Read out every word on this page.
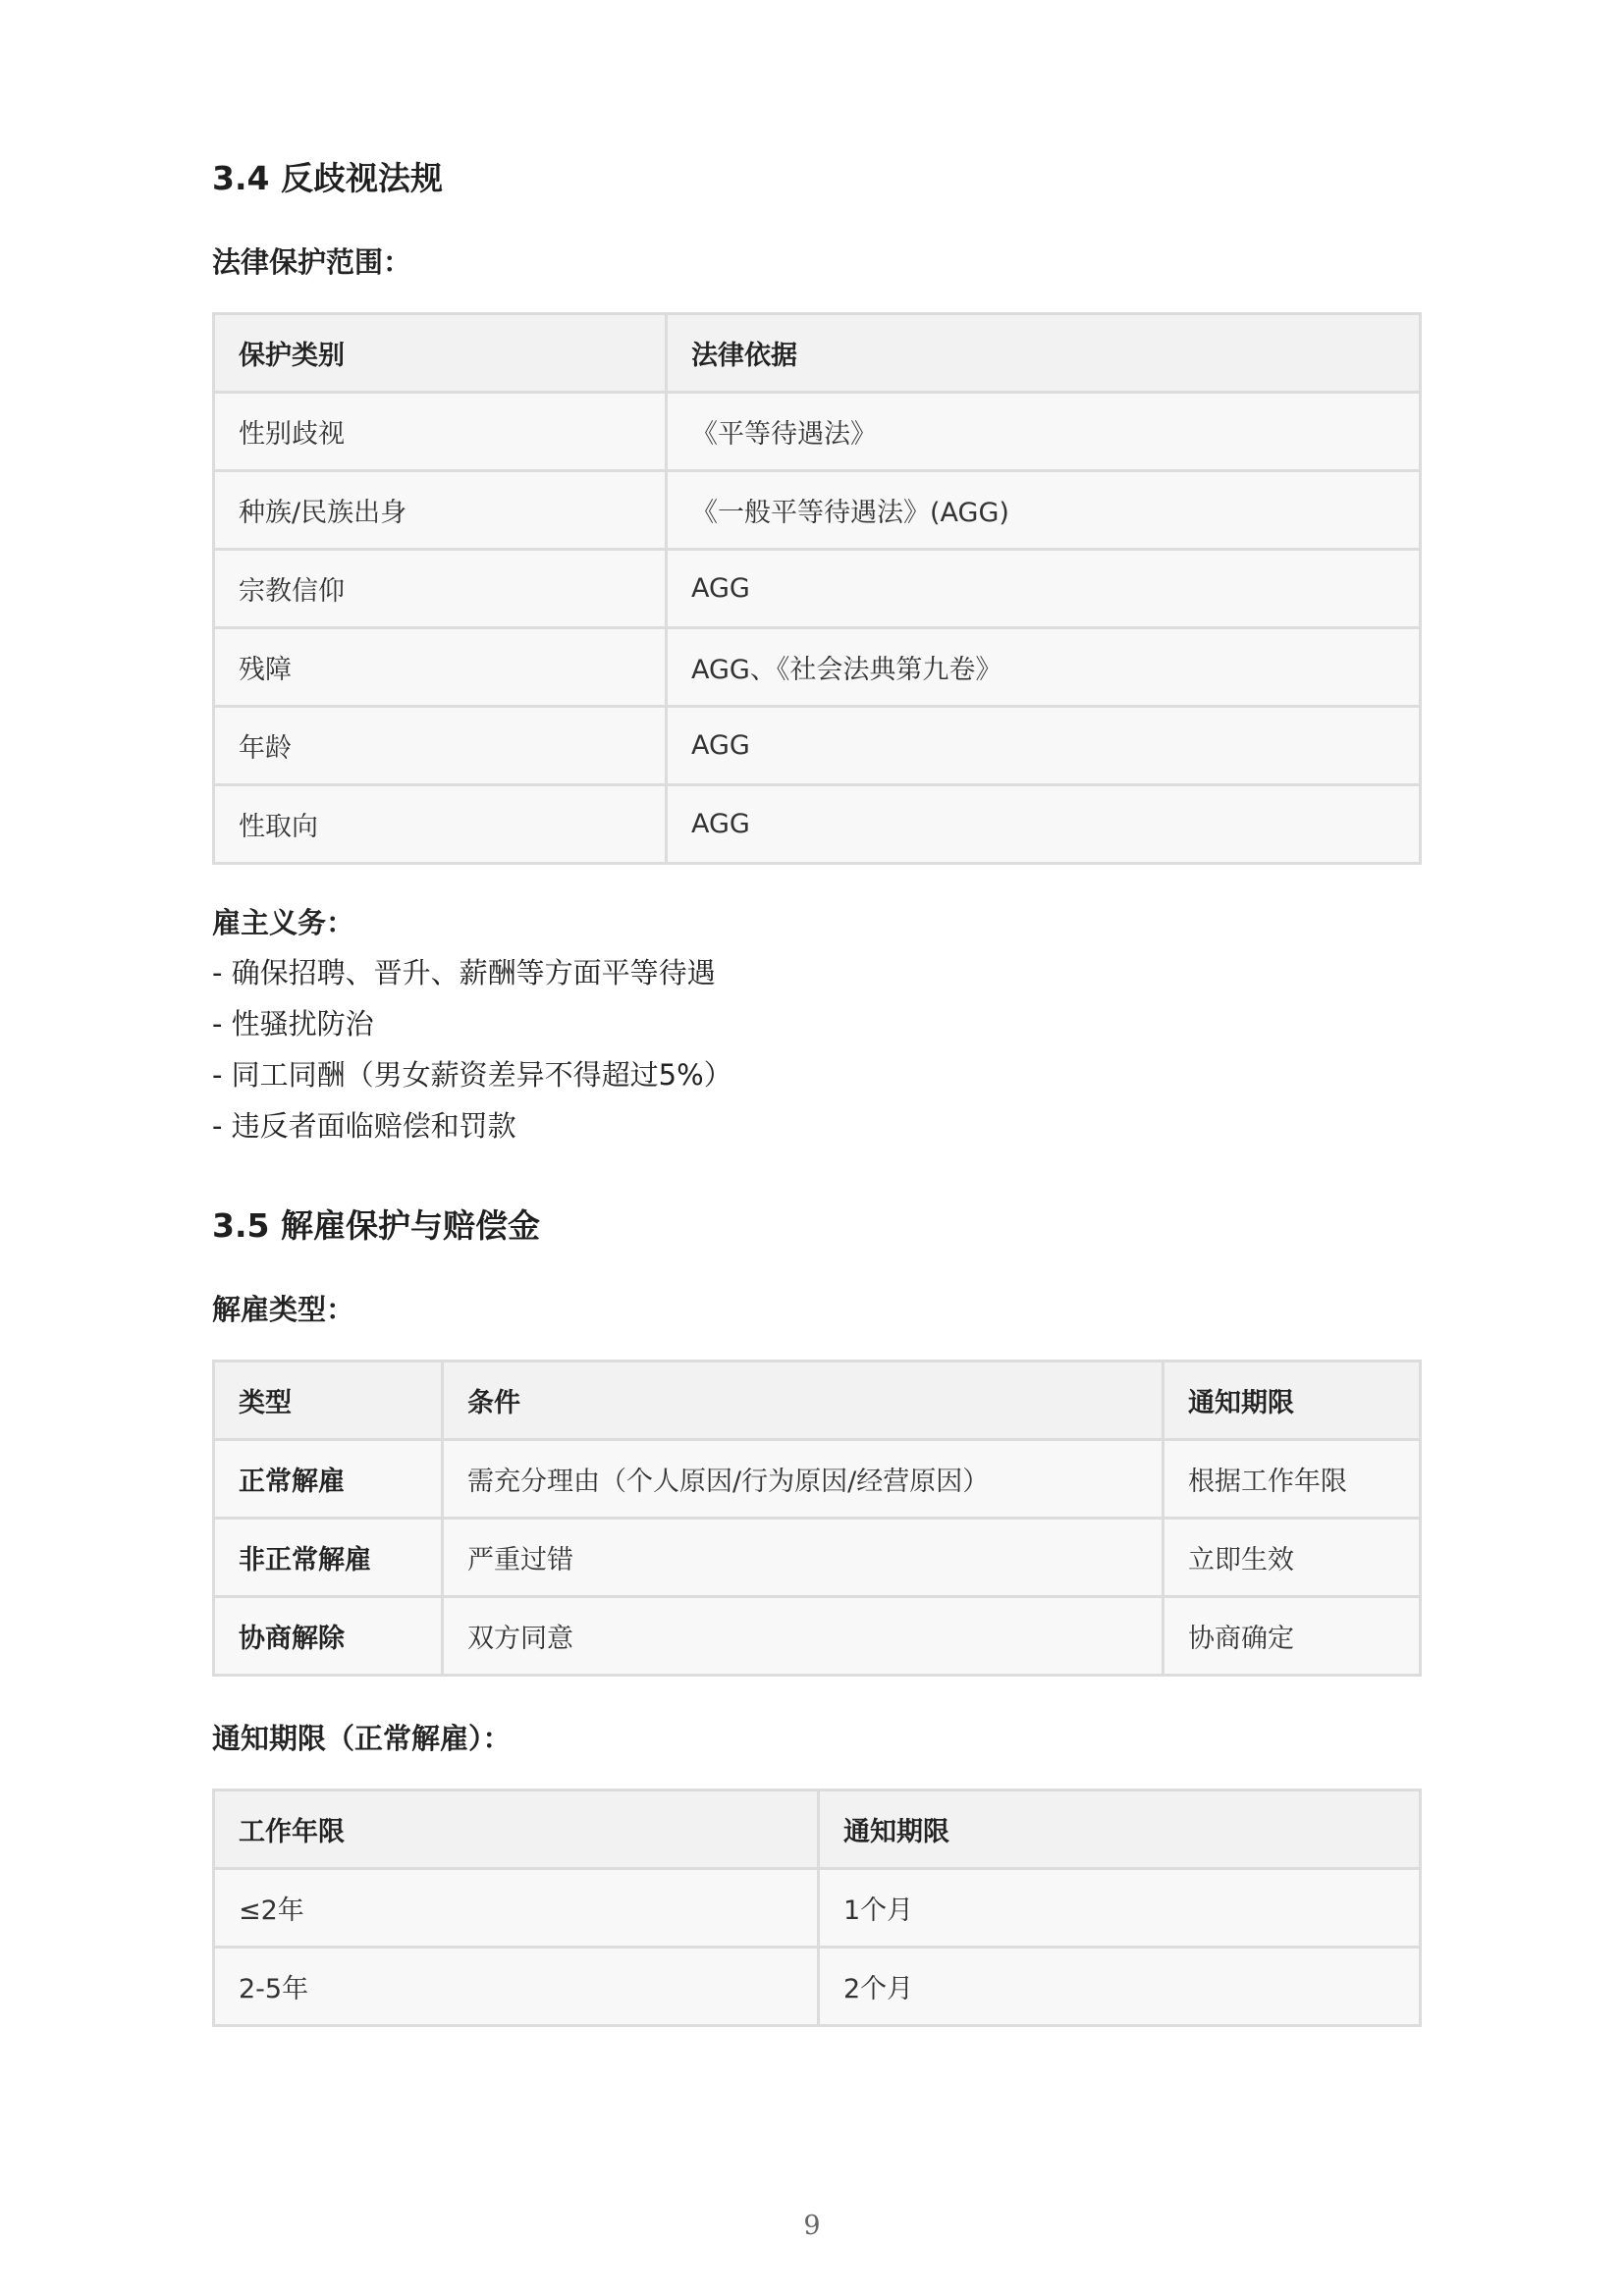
3.4 反歧视法规
法律保护范围：
保护类别	法律依据
性别歧视	《平等待遇法》
种族/民族出身	《一般平等待遇法》(AGG)
宗教信仰	AGG
残障	AGG、《社会法典第九卷》
年龄	AGG
性取向	AGG
雇主义务：
- 确保招聘、晋升、薪酬等方面平等待遇
- 性骚扰防治
- 同工同酬（男女薪资差异不得超过5%）
- 违反者面临赔偿和罚款
3.5 解雇保护与赔偿金
解雇类型：
类型	条件	通知期限
正常解雇	需充分理由（个人原因/行为原因/经营原因）	根据工作年限
非正常解雇	严重过错	立即生效
协商解除	双方同意	协商确定
通知期限（正常解雇）：
工作年限	通知期限
≤2年	1个月
2-5年	2个月
9
